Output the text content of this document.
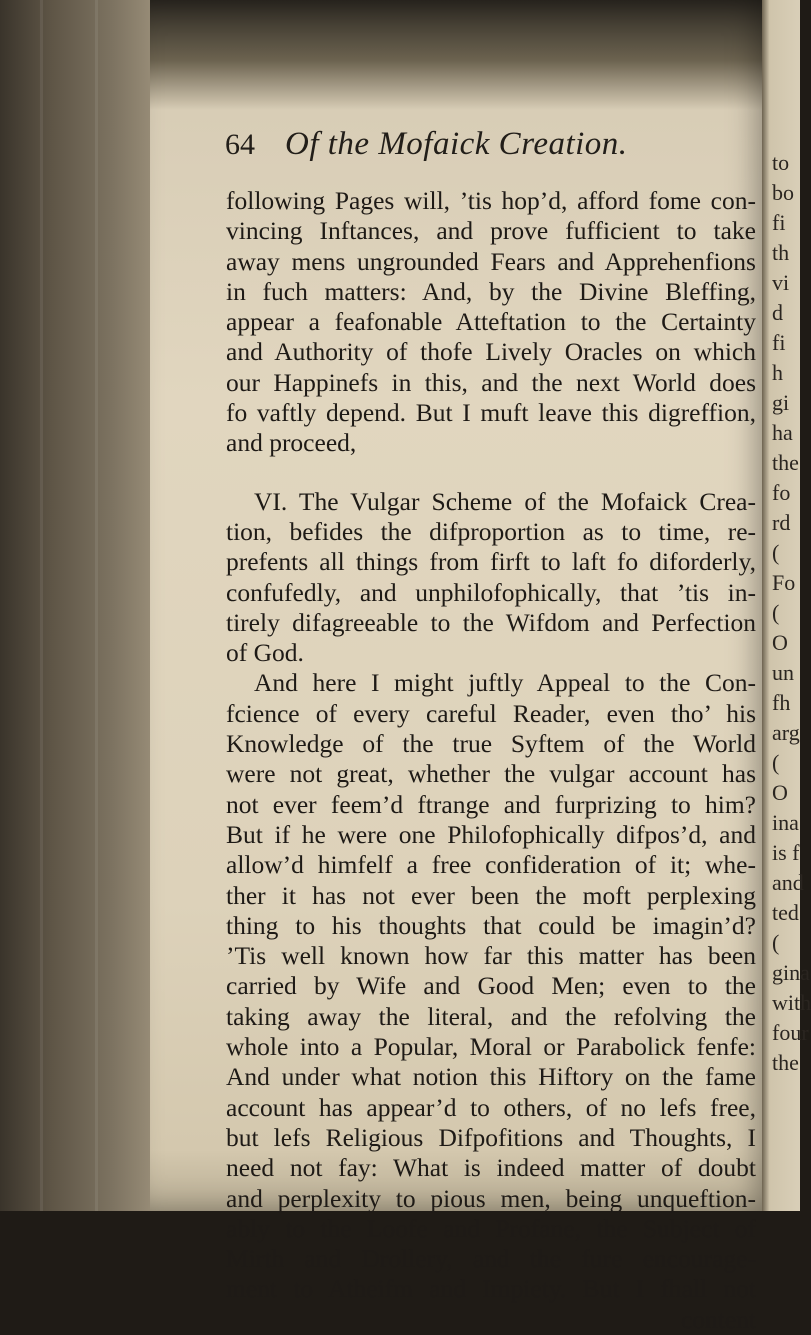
to
bo
fi
th
vi
d
fi
h
gi
ha
the
fo
rd
(
Fo
(
O
un
fh
arg
(
O
ina
is f
and
ted
(
gina
with
four
the
64 Of the Mofaick Creation.
following Pages will, ’tis hop’d, afford fome con-
vincing Inftances, and prove fufficient to take
away mens ungrounded Fears and Apprehenfions
in fuch matters: And, by the Divine Bleffing,
appear a feafonable Atteftation to the Certainty
and Authority of thofe Lively Oracles on which
our Happinefs in this, and the next World does
fo vaftly depend. But I muft leave this digreffion,
and proceed,
VI. The Vulgar Scheme of the Mofaick Crea-
tion, befides the difproportion as to time, re-
prefents all things from firft to laft fo diforderly,
confufedly, and unphilofophically, that ’tis in-
tirely difagreeable to the Wifdom and Perfection
of God.
And here I might juftly Appeal to the Con-
fcience of every careful Reader, even tho’ his
Knowledge of the true Syftem of the World
were not great, whether the vulgar account has
not ever feem’d ftrange and furprizing to him?
But if he were one Philofophically difpos’d, and
allow’d himfelf a free confideration of it; whe-
ther it has not ever been the moft perplexing
thing to his thoughts that could be imagin’d?
’Tis well known how far this matter has been
carried by Wife and Good Men; even to the
taking away the literal, and the refolving the
whole into a Popular, Moral or Parabolick fenfe:
And under what notion this Hiftory on the fame
account has appear’d to others, of no lefs free,
but lefs Religious Difpofitions and Thoughts, I
need not fay: What is indeed matter of doubt
and perplexity to pious men, being unqueftion-
ably to the Loofe and Profane, the Subject of
Mirth and Drollery, and the fure encourage-
ment to Atheifm and Impiety. But I fhall not
content
